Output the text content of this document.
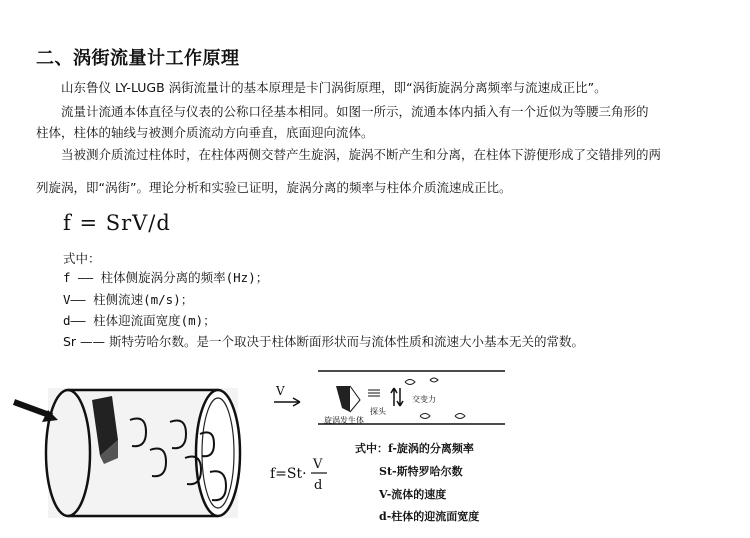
二、涡街流量计工作原理
　　山东鲁仪 LY-LUGB 涡街流量计的基本原理是卡门涡街原理，即“涡街旋涡分离频率与流速成正比”。
　　流量计流通本体直径与仪表的公称口径基本相同。如图一所示，流通本体内插入有一个近似为等腰三角形的
柱体，柱体的轴线与被测介质流动方向垂直，底面迎向流体。
　　当被测介质流过柱体时，在柱体两侧交替产生旋涡，旋涡不断产生和分离，在柱体下游便形成了交错排列的两
列旋涡，即“涡街”。理论分析和实验已证明，旋涡分离的频率与柱体介质流速成正比。
f = SrV/d
式中：
f —— 柱体侧旋涡分离的频率(Hz)；
V—— 柱侧流速(m/s)；
d—— 柱体迎流面宽度(m)；
Sr —— 斯特劳哈尔数。是一个取决于柱体断面形状而与流体性质和流速大小基本无关的常数。
V
交变力
探头
旋涡发生体
f=St·
V
d
式中：f-旋涡的分离频率
St-斯特罗哈尔数
V-流体的速度
d-柱体的迎流面宽度
